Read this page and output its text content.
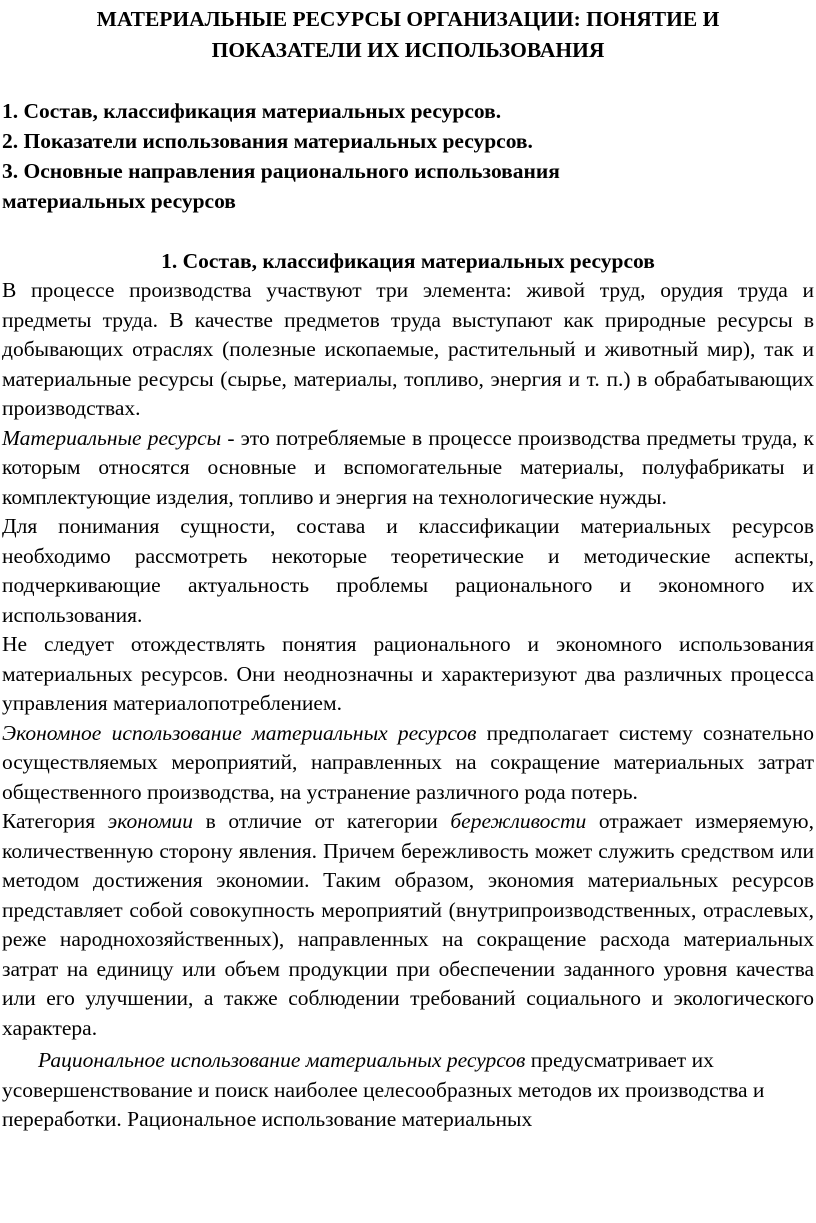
МАТЕРИАЛЬНЫЕ РЕСУРСЫ ОРГАНИЗАЦИИ: ПОНЯТИЕ И
ПОКАЗАТЕЛИ ИХ ИСПОЛЬЗОВАНИЯ
1. Состав, классификация материальных ресурсов.
2. Показатели использования материальных ресурсов.
3. Основные направления рационального использования
материальных ресурсов
1. Состав, классификация материальных ресурсов

В процессе производства участвуют три элемента: живой труд, орудия труда и предметы труда. В качестве предметов труда выступают как природные ресурсы в добывающих отраслях (полезные ископаемые, растительный и животный мир), так и материальные ресурсы (сырье, материалы, топливо, энергия и т. п.) в обрабатывающих производствах.

Материальные ресурсы - это потребляемые в процессе производства предметы труда, к которым относятся основные и вспомогательные материалы, полуфабрикаты и комплектующие изделия, топливо и энергия на технологические нужды.

Для понимания сущности, состава и классификации материальных ресурсов необходимо рассмотреть некоторые теоретические и методические аспекты, подчеркивающие актуальность проблемы рационального и экономного их использования.

Не следует отождествлять понятия рационального и экономного использования материальных ресурсов. Они неоднозначны и характеризуют два различных процесса управления материалопотреблением.

Экономное использование материальных ресурсов предполагает систему сознательно осуществляемых мероприятий, направленных на сокращение материальных затрат общественного производства, на устранение различного рода потерь.

Категория экономии в отличие от категории бережливости отражает измеряемую, количественную сторону явления. Причем бережливость может служить средством или методом достижения экономии. Таким образом, экономия материальных ресурсов представляет собой совокупность мероприятий (внутрипроизводственных, отраслевых, реже народнохозяйственных), направленных на сокращение расхода материальных затрат на единицу или объем продукции при обеспечении заданного уровня качества или его улучшении, а также соблюдении требований социального и экологического характера.

Рациональное использование материальных ресурсов предусматривает их усовершенствование и поиск наиболее целесообразных методов их производства и переработки. Рациональное использование материальных
